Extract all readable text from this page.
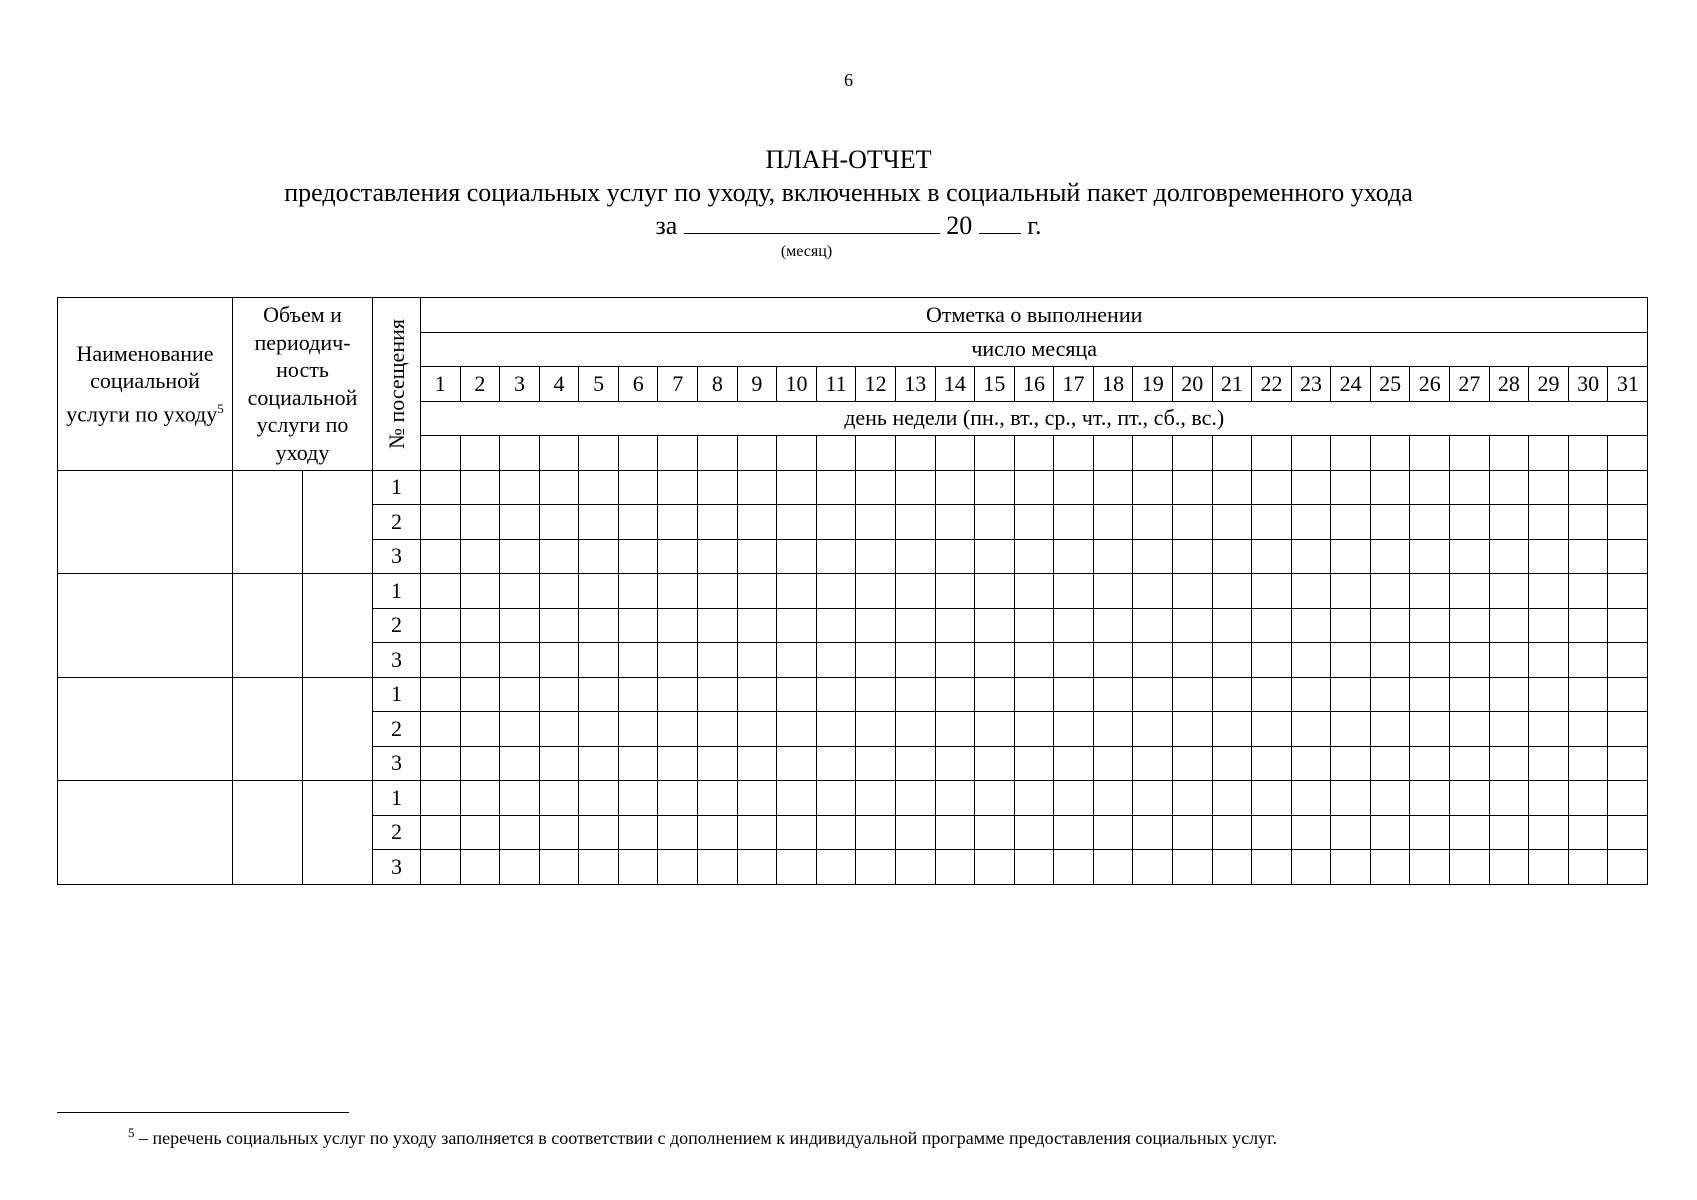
6
ПЛАН-ОТЧЕТ
предоставления социальных услуг по уходу, включенных в социальный пакет долговременного ухода
за	20 г.
(месяц)
Наименование социальной услуги по уходу$^5$	Объем и периодич-ность социальной услуги по уходу		№ посещения	Отметка о выполнении																														
				число месяца																														
				1	2	3	4	5	6	7	8	9	10	11	12	13	14	15	16	17	18	19	20	21	22	23	24	25	26	27	28	29	30	31
				день недели (пн., вт., ср., чт., пт., сб., вс.)																														

			1																															
			2																															
			3																															
			1																															
			2																															
			3																															
			1																															
			2																															
			3																															
			1																															
			2																															
			3																															
$^5$ – перечень социальных услуг по уходу заполняется в соответствии с дополнением к индивидуальной программе предоставления социальных услуг.
